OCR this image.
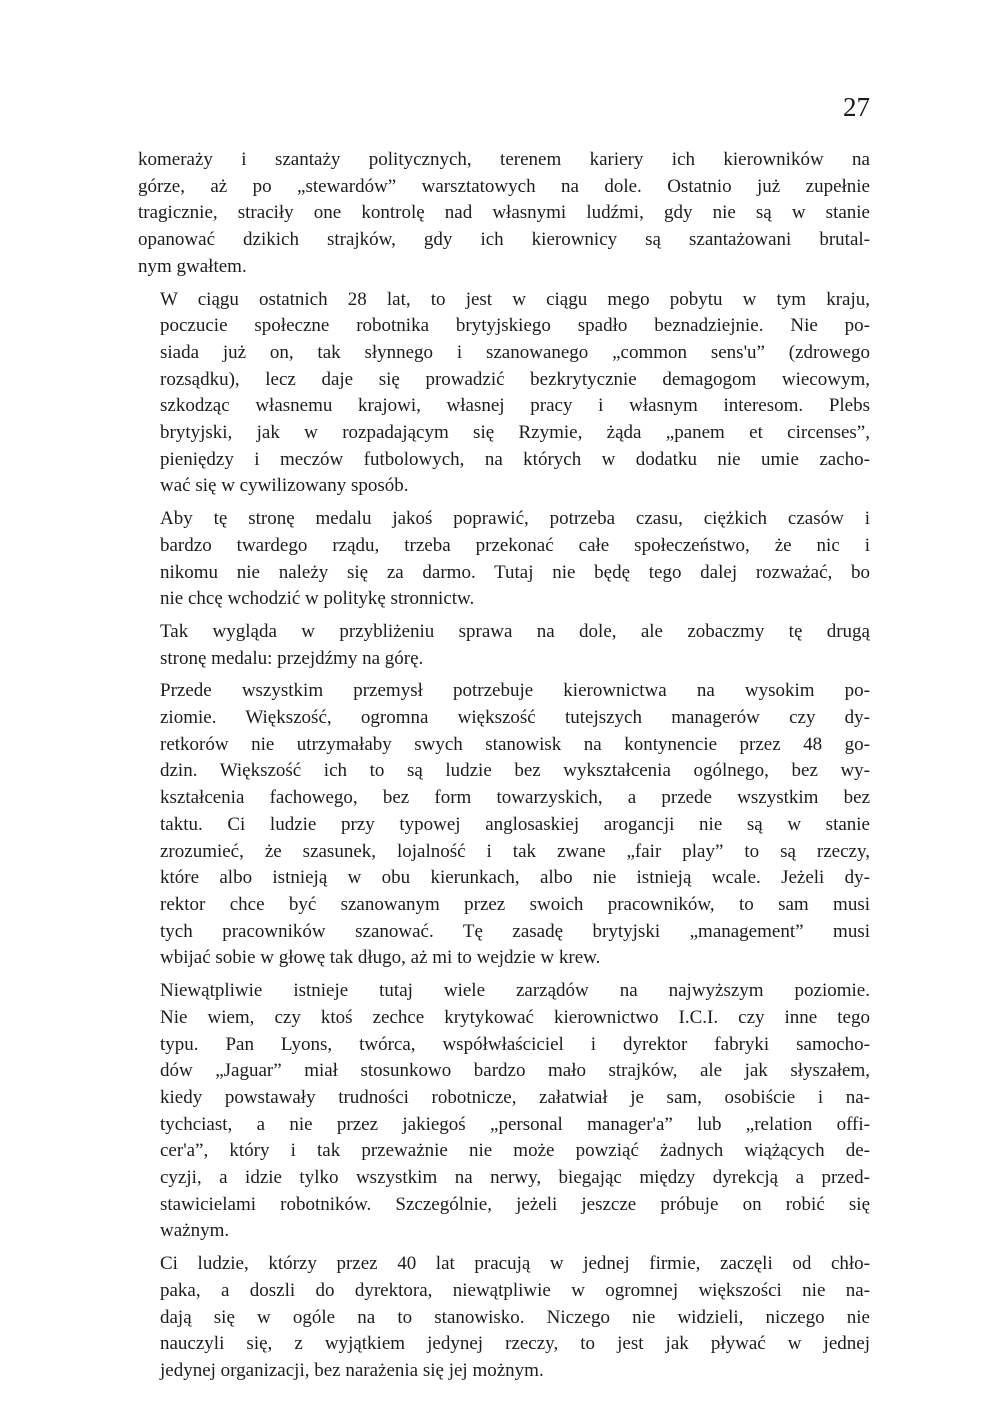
27
komeraży i szantaży politycznych, terenem kariery ich kierowników na
górze, aż po „stewardów” warsztatowych na dole. Ostatnio już zupełnie
tragicznie, straciły one kontrolę nad własnymi ludźmi, gdy nie są w stanie
opanować dzikich strajków, gdy ich kierownicy są szantażowani brutal-
nym gwałtem.
W ciągu ostatnich 28 lat, to jest w ciągu mego pobytu w tym kraju,
poczucie społeczne robotnika brytyjskiego spadło beznadziejnie. Nie po-
siada już on, tak słynnego i szanowanego „common sens'u” (zdrowego
rozsądku), lecz daje się prowadzić bezkrytycznie demagogom wiecowym,
szkodząc własnemu krajowi, własnej pracy i własnym interesom. Plebs
brytyjski, jak w rozpadającym się Rzymie, żąda „panem et circenses”,
pieniędzy i meczów futbolowych, na których w dodatku nie umie zacho-
wać się w cywilizowany sposób.
Aby tę stronę medalu jakoś poprawić, potrzeba czasu, ciężkich czasów i
bardzo twardego rządu, trzeba przekonać całe społeczeństwo, że nic i
nikomu nie należy się za darmo. Tutaj nie będę tego dalej rozważać, bo
nie chcę wchodzić w politykę stronnictw.
Tak wygląda w przybliżeniu sprawa na dole, ale zobaczmy tę drugą
stronę medalu: przejdźmy na górę.
Przede wszystkim przemysł potrzebuje kierownictwa na wysokim po-
ziomie. Większość, ogromna większość tutejszych managerów czy dy-
retkorów nie utrzymałaby swych stanowisk na kontynencie przez 48 go-
dzin. Większość ich to są ludzie bez wykształcenia ogólnego, bez wy-
kształcenia fachowego, bez form towarzyskich, a przede wszystkim bez
taktu. Ci ludzie przy typowej anglosaskiej arogancji nie są w stanie
zrozumieć, że szasunek, lojalność i tak zwane „fair play” to są rzeczy,
które albo istnieją w obu kierunkach, albo nie istnieją wcale. Jeżeli dy-
rektor chce być szanowanym przez swoich pracowników, to sam musi
tych pracowników szanować. Tę zasadę brytyjski „management” musi
wbijać sobie w głowę tak długo, aż mi to wejdzie w krew.
Niewątpliwie istnieje tutaj wiele zarządów na najwyższym poziomie.
Nie wiem, czy ktoś zechce krytykować kierownictwo I.C.I. czy inne tego
typu. Pan Lyons, twórca, współwłaściciel i dyrektor fabryki samocho-
dów „Jaguar” miał stosunkowo bardzo mało strajków, ale jak słyszałem,
kiedy powstawały trudności robotnicze, załatwiał je sam, osobiście i na-
tychciast, a nie przez jakiegoś „personal manager'a” lub „relation offi-
cer'a”, który i tak przeważnie nie może powziąć żadnych wiążących de-
cyzji, a idzie tylko wszystkim na nerwy, biegając między dyrekcją a przed-
stawicielami robotników. Szczególnie, jeżeli jeszcze próbuje on robić się
ważnym.
Ci ludzie, którzy przez 40 lat pracują w jednej firmie, zaczęli od chło-
paka, a doszli do dyrektora, niewątpliwie w ogromnej większości nie na-
dają się w ogóle na to stanowisko. Niczego nie widzieli, niczego nie
nauczyli się, z wyjątkiem jedynej rzeczy, to jest jak pływać w jednej
jedynej organizacji, bez narażenia się jej możnym.
